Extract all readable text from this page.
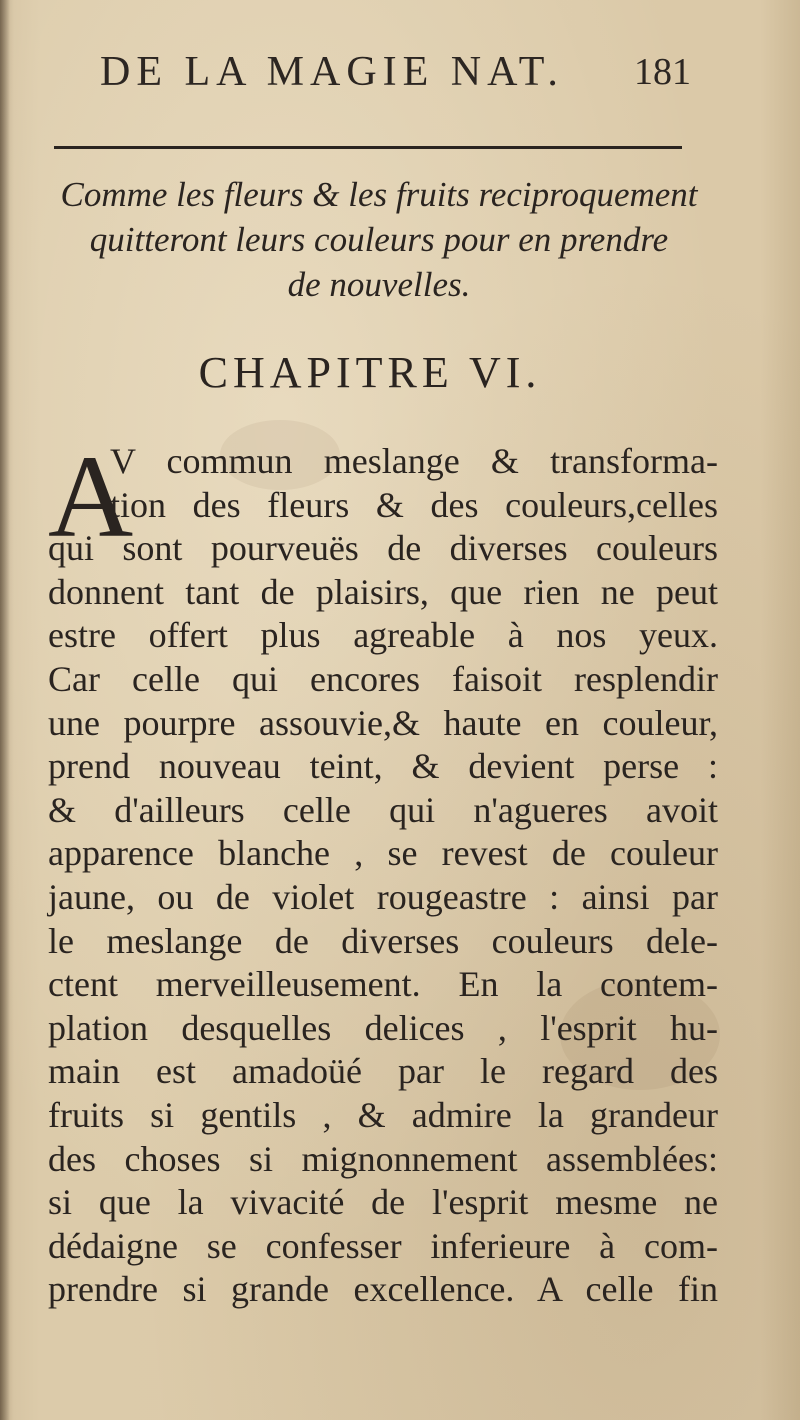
DE LA MAGIE NAT.	181
Comme les fleurs & les fruits reciproquement
quitteront leurs couleurs pour en prendre
de nouvelles.
CHAPITRE VI.
A
V commun meslange & transforma-
tion des fleurs & des couleurs,celles
qui sont pourveuës de diverses couleurs
donnent tant de plaisirs, que rien ne peut
estre offert plus agreable à nos yeux.
Car celle qui encores faisoit resplendir
une pourpre assouvie,& haute en couleur,
prend nouveau teint, & devient perse :
& d'ailleurs celle qui n'agueres avoit
apparence blanche , se revest de couleur
jaune, ou de violet rougeastre : ainsi par
le meslange de diverses couleurs dele-
ctent merveilleusement. En la contem-
plation desquelles delices , l'esprit hu-
main est amadoüé par le regard des
fruits si gentils , & admire la grandeur
des choses si mignonnement assemblées:
si que la vivacité de l'esprit mesme ne
dédaigne se confesser inferieure à com-
prendre si grande excellence. A celle fin
